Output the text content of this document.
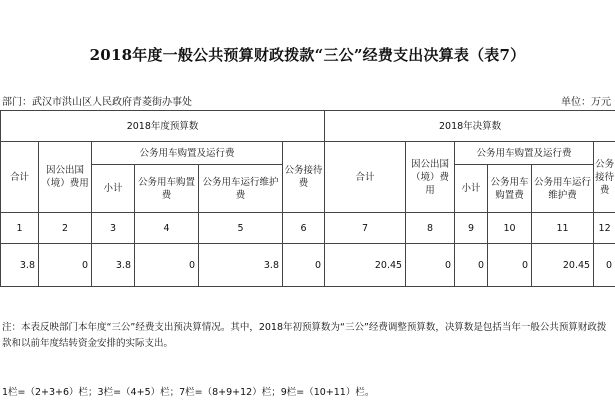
2018年度一般公共预算财政拨款“三公”经费支出决算表（表7）
部门：武汉市洪山区人民政府青菱街办事处	单位：万元
2018年度预算数						2018年决算数					
合计	因公出国（境）费用	公务用车购置及运行费			公务接待费	合计	因公出国（境）费用	公务用车购置及运行费			公务接待费
		小计	公务用车购置费	公务用车运行维护费				小计	公务用车购置费	公务用车运行维护费	
1	2	3	4	5	6	7	8	9	10	11	12
3.8	0	3.8	0	3.8	0	20.45	0	0	0	20.45	0
注：本表反映部门本年度“三公”经费支出预决算情况。其中，2018年初预算数为“三公”经费调整预算数，决算数是包括当年一般公共预算财政拨款和以前年度结转资金安排的实际支出。
1栏=（2+3+6）栏；3栏=（4+5）栏；7栏=（8+9+12）栏；9栏=（10+11）栏。
